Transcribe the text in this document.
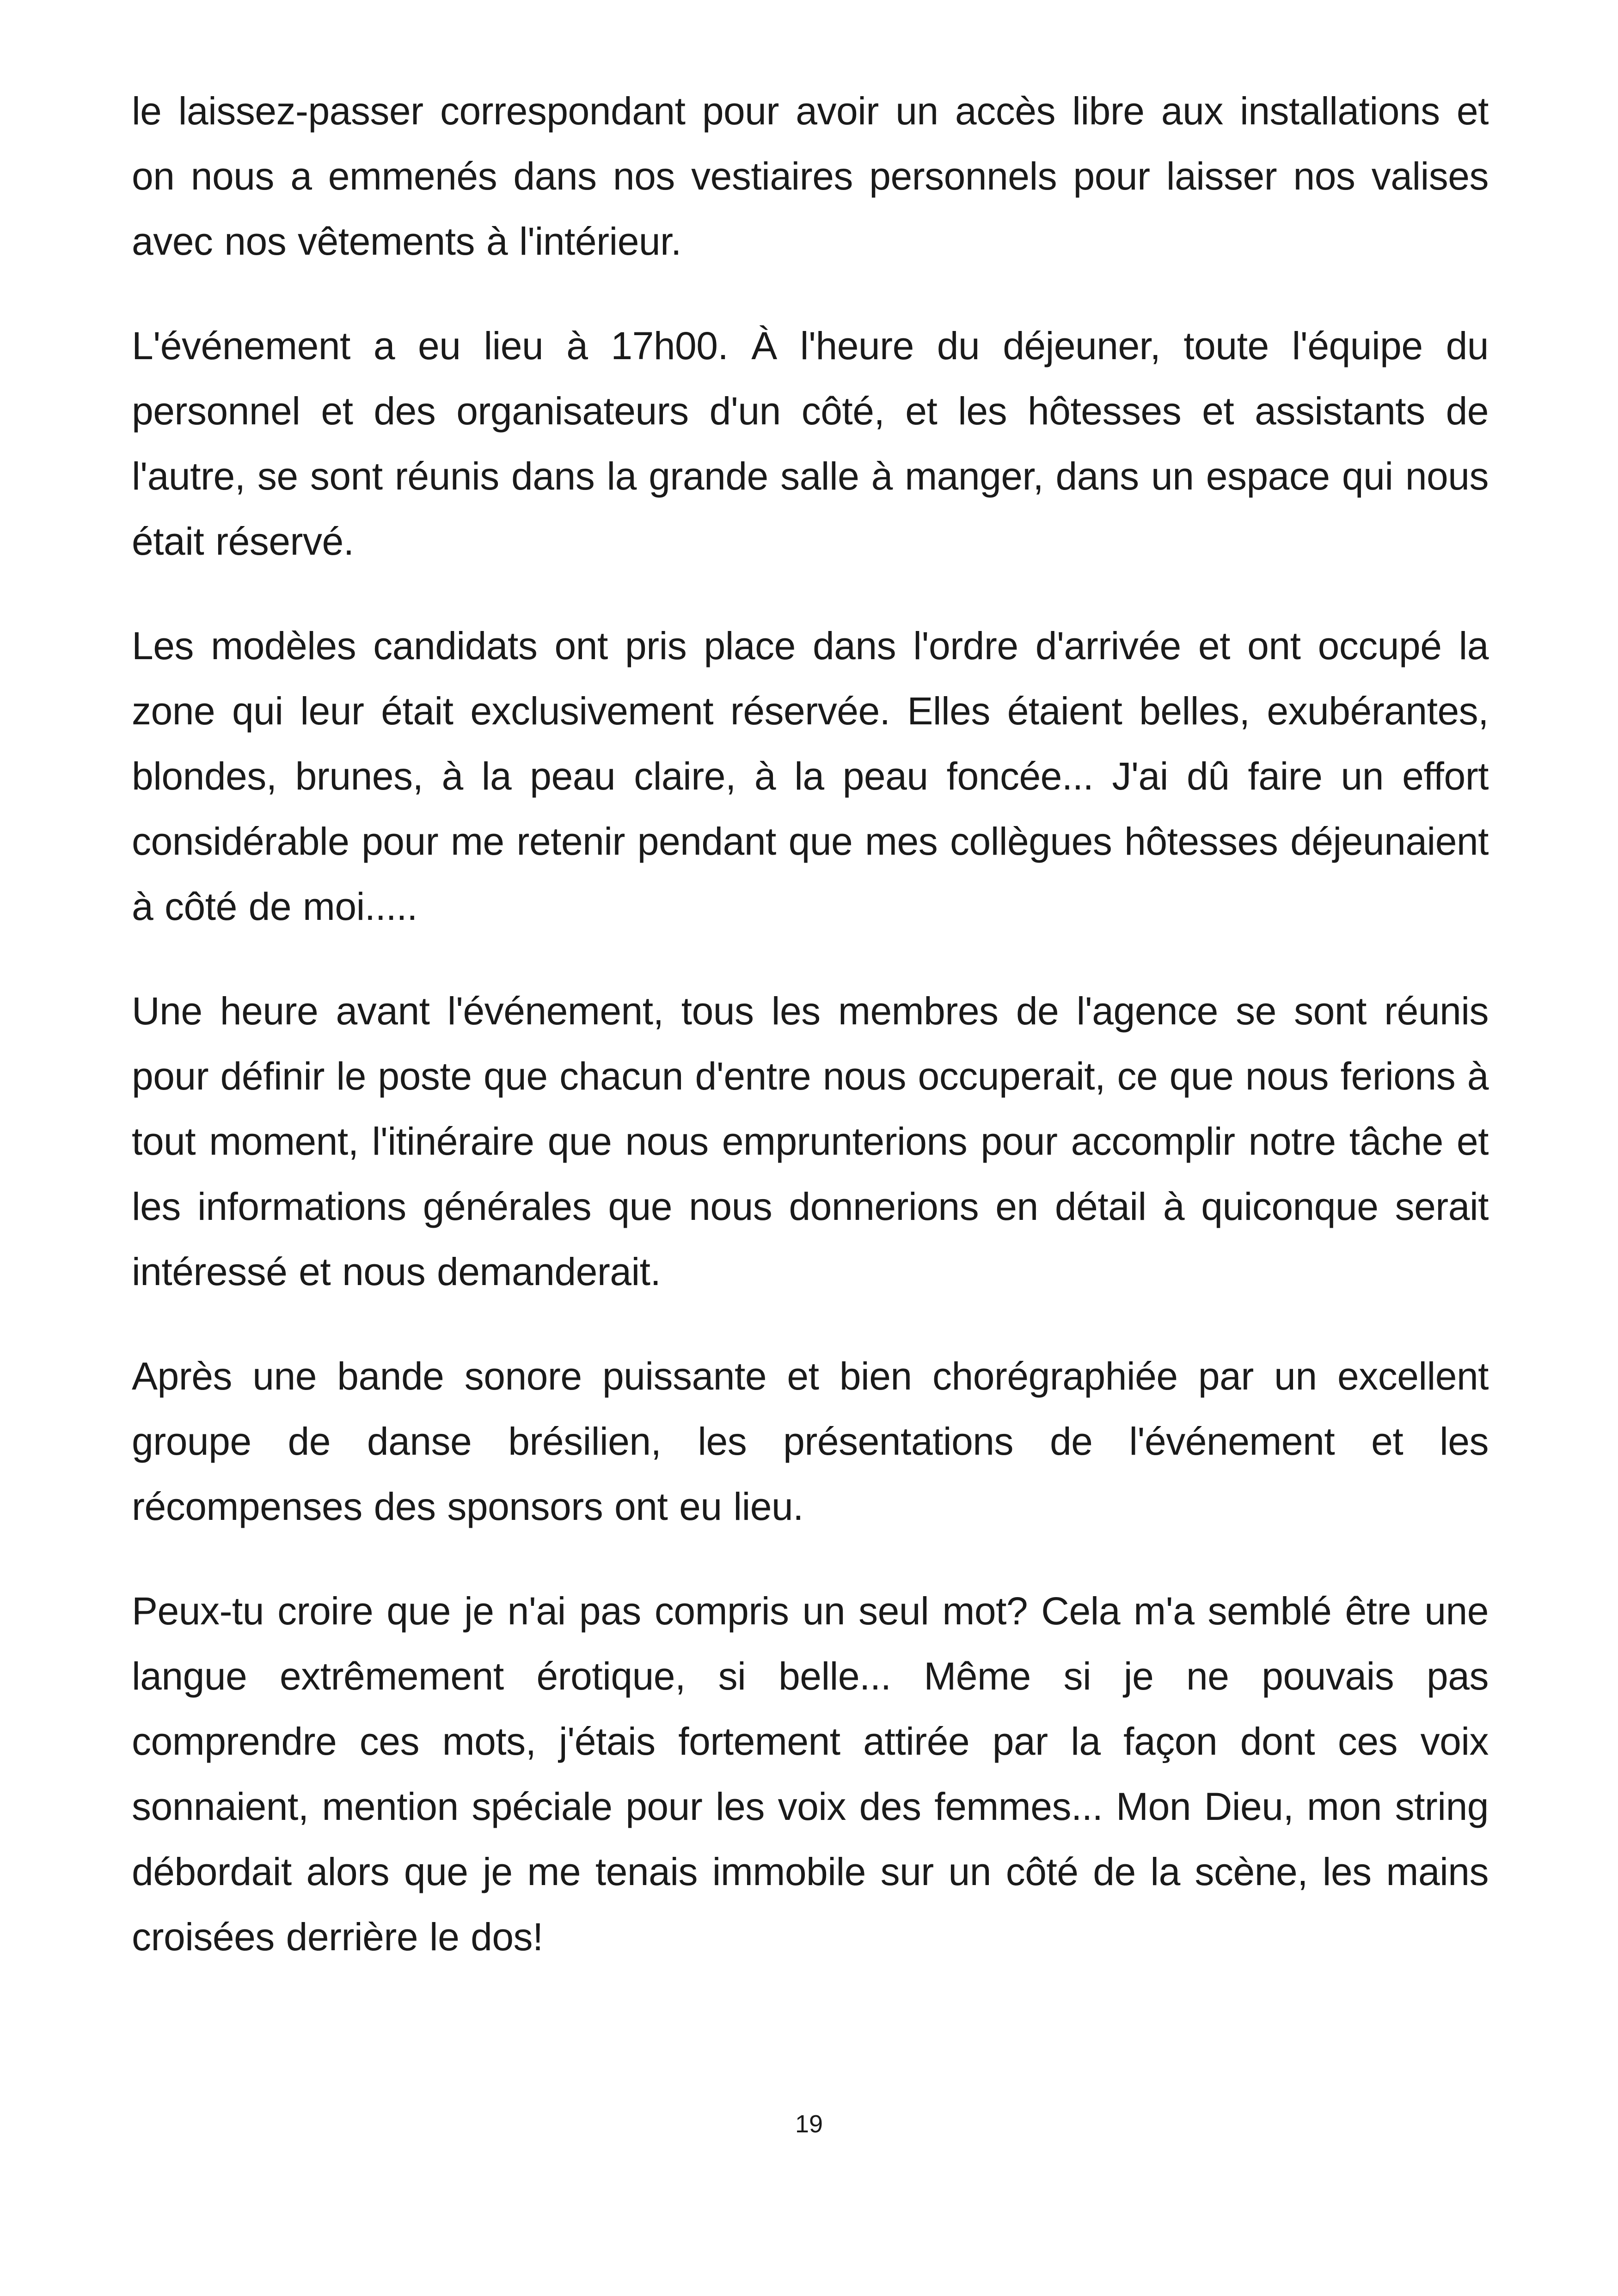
le laissez-passer correspondant pour avoir un accès libre aux installations et on nous a emmenés dans nos vestiaires personnels pour laisser nos valises avec nos vêtements à l'intérieur.

L'événement a eu lieu à 17h00. À l'heure du déjeuner, toute l'équipe du personnel et des organisateurs d'un côté, et les hôtesses et assistants de l'autre, se sont réunis dans la grande salle à manger, dans un espace qui nous était réservé.

Les modèles candidats ont pris place dans l'ordre d'arrivée et ont occupé la zone qui leur était exclusivement réservée. Elles étaient belles, exubérantes, blondes, brunes, à la peau claire, à la peau foncée... J'ai dû faire un effort considérable pour me retenir pendant que mes collègues hôtesses déjeunaient à côté de moi.....

Une heure avant l'événement, tous les membres de l'agence se sont réunis pour définir le poste que chacun d'entre nous occuperait, ce que nous ferions à tout moment, l'itinéraire que nous emprunterions pour accomplir notre tâche et les informations générales que nous donnerions en détail à quiconque serait intéressé et nous demanderait.

Après une bande sonore puissante et bien chorégraphiée par un excellent groupe de danse brésilien, les présentations de l'événement et les récompenses des sponsors ont eu lieu.

Peux-tu croire que je n'ai pas compris un seul mot? Cela m'a semblé être une langue extrêmement érotique, si belle... Même si je ne pouvais pas comprendre ces mots, j'étais fortement attirée par la façon dont ces voix sonnaient, mention spéciale pour les voix des femmes... Mon Dieu, mon string débordait alors que je me tenais immobile sur un côté de la scène, les mains croisées derrière le dos!

19
